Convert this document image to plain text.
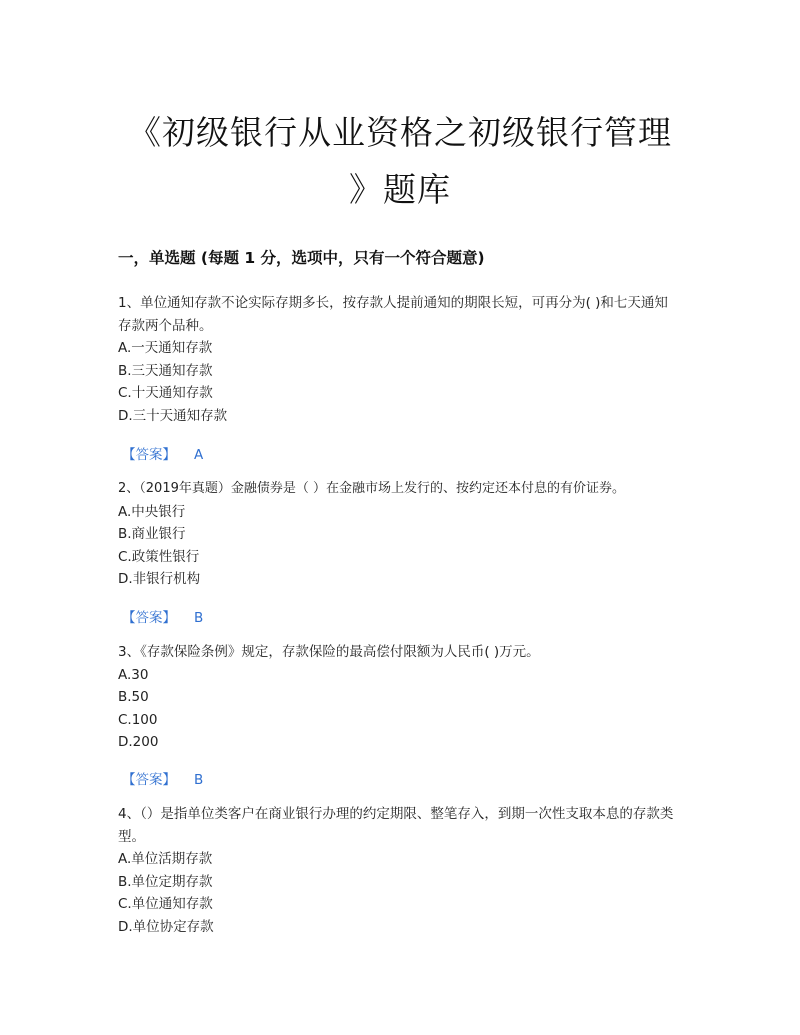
《初级银行从业资格之初级银行管理
》题库
一，单选题 (每题 1 分，选项中，只有一个符合题意)
1、单位通知存款不论实际存期多长，按存款人提前通知的期限长短，可再分为( )和七天通知存款两个品种。
A.一天通知存款
B.三天通知存款
C.十天通知存款
D.三十天通知存款
【答案】 A
2、（2019年真题）金融债券是（ ）在金融市场上发行的、按约定还本付息的有价证券。
A.中央银行
B.商业银行
C.政策性银行
D.非银行机构
【答案】 B
3、《存款保险条例》规定，存款保险的最高偿付限额为人民币( )万元。
A.30
B.50
C.100
D.200
【答案】 B
4、（）是指单位类客户在商业银行办理的约定期限、整笔存入，到期一次性支取本息的存款类型。
A.单位活期存款
B.单位定期存款
C.单位通知存款
D.单位协定存款
